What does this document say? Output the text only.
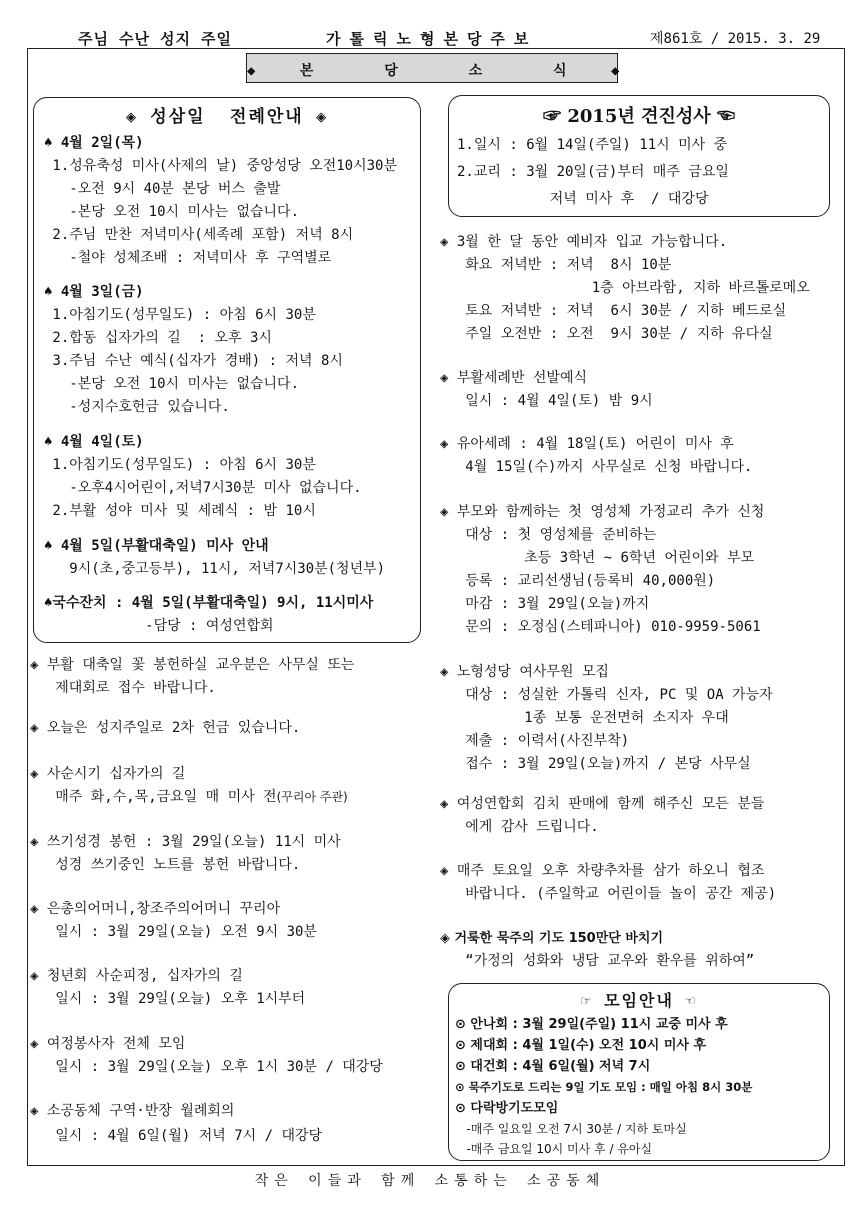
주님 수난 성지 주일	가톨릭노형본당주보	제861호 / 2015. 3. 29
◆ 본  당  소  식 ◆
◈ 성삼일  전례안내 ◈
♠ 4월 2일(목)
1.성유축성 미사(사제의 날) 중앙성당 오전10시30분
-오전 9시 40분 본당 버스 출발
-본당 오전 10시 미사는 없습니다.
2.주님 만찬 저녁미사(세족례 포함) 저녁 8시
-철야 성체조배 : 저녁미사 후 구역별로
♠ 4월 3일(금)
1.아침기도(성무일도) : 아침 6시 30분
2.합동 십자가의 길  : 오후 3시
3.주님 수난 예식(십자가 경배) : 저녁 8시
-본당 오전 10시 미사는 없습니다.
-성지수호헌금 있습니다.
♠ 4월 4일(토)
1.아침기도(성무일도) : 아침 6시 30분
-오후4시어린이,저녁7시30분 미사 없습니다.
2.부활 성야 미사 및 세례식 : 밤 10시
♠ 4월 5일(부활대축일) 미사 안내
9시(초,중고등부), 11시, 저녁7시30분(청년부)
♠국수잔치 : 4월 5일(부활대축일) 9시, 11시미사
-담당 : 여성연합회
☞ 2015년 견진성사 ☜
1.일시 : 6월 14일(주일) 11시 미사 중
2.교리 : 3월 20일(금)부터 매주 금요일
저녁 미사 후  / 대강당
◈ 부활 대축일 꽃 봉헌하실 교우분은 사무실 또는
제대회로 접수 바랍니다.
◈ 오늘은 성지주일로 2차 헌금 있습니다.
◈ 사순시기 십자가의 길
매주 화,수,목,금요일 매 미사 전(꾸리아 주관)
◈ 쓰기성경 봉헌 : 3월 29일(오늘) 11시 미사
성경 쓰기중인 노트를 봉헌 바랍니다.
◈ 은총의어머니,창조주의어머니 꾸리아
일시 : 3월 29일(오늘) 오전 9시 30분
◈ 청년회 사순피정, 십자가의 길
일시 : 3월 29일(오늘) 오후 1시부터
◈ 여정봉사자 전체 모임
일시 : 3월 29일(오늘) 오후 1시 30분 / 대강당
◈ 소공동체 구역·반장 월례회의
일시 : 4월 6일(월) 저녁 7시 / 대강당
◈ 3월 한 달 동안 예비자 입교 가능합니다.
화요 저녁반 : 저녁  8시 10분
1층 아브라함, 지하 바르톨로메오
토요 저녁반 : 저녁  6시 30분 / 지하 베드로실
주일 오전반 : 오전  9시 30분 / 지하 유다실
◈ 부활세례반 선발예식
일시 : 4월 4일(토) 밤 9시
◈ 유아세례 : 4월 18일(토) 어린이 미사 후
4월 15일(수)까지 사무실로 신청 바랍니다.
◈ 부모와 함께하는 첫 영성체 가정교리 추가 신청
대상 : 첫 영성체를 준비하는
초등 3학년 ~ 6학년 어린이와 부모
등록 : 교리선생님(등록비 40,000원)
마감 : 3월 29일(오늘)까지
문의 : 오정심(스테파니아) 010-9959-5061
◈ 노형성당 여사무원 모집
대상 : 성실한 가톨릭 신자, PC 및 OA 가능자
1종 보통 운전면허 소지자 우대
제출 : 이력서(사진부착)
접수 : 3월 29일(오늘)까지 / 본당 사무실
◈ 여성연합회 김치 판매에 함께 해주신 모든 분들
에게 감사 드립니다.
◈ 매주 토요일 오후 차량추차를 삼가 하오니 협조
바랍니다. (주일학교 어린이들 놀이 공간 제공)
◈ 거룩한 묵주의 기도 150만단 바치기
“가정의 성화와 냉담 교우와 환우를 위하여”
☞ 모임안내 ☜
⊙ 안나회 : 3월 29일(주일) 11시 교중 미사 후
⊙ 제대회 : 4월 1일(수) 오전 10시 미사 후
⊙ 대건회 : 4월 6일(월) 저녁 7시
⊙ 묵주기도로 드리는 9일 기도 모임 : 매일 아침 8시 30분
⊙ 다락방기도모임
-매주 일요일 오전 7시 30분 / 지하 토마실
-매주 금요일 10시 미사 후 / 유아실
작은 이들과 함께 소통하는 소공동체
